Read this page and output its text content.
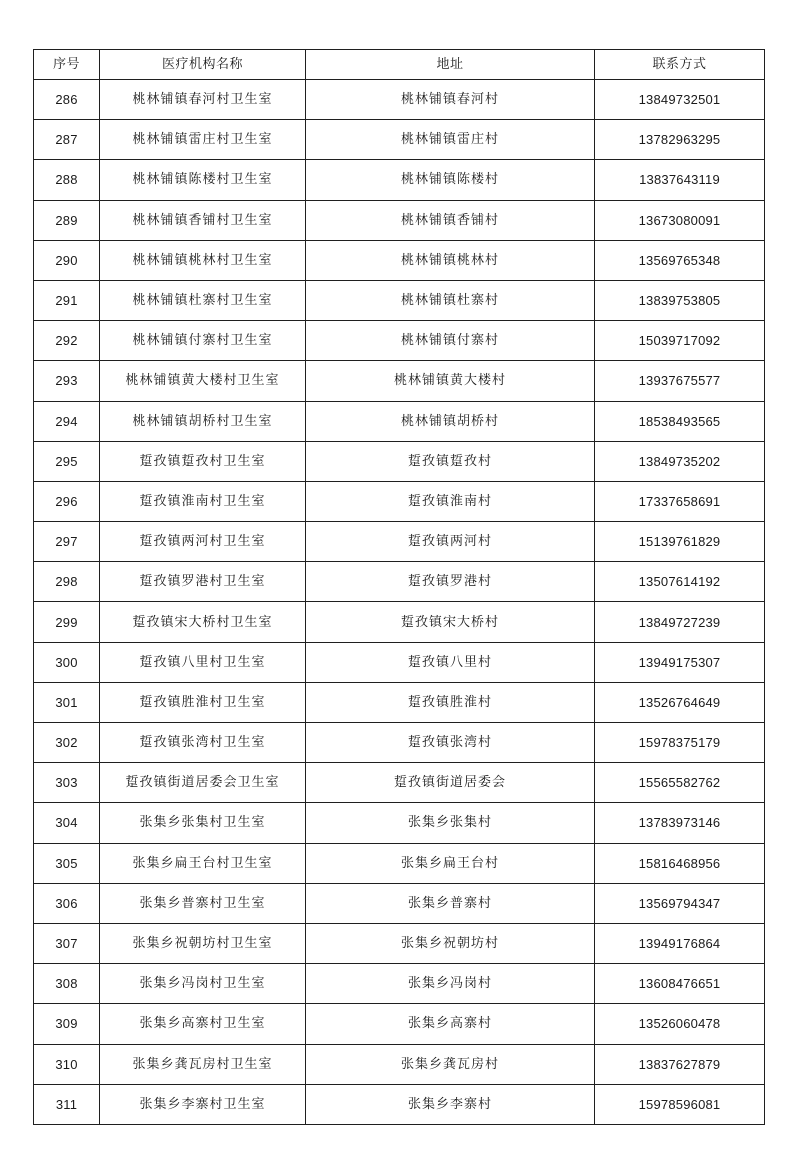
序号	医疗机构名称	地址	联系方式
286	桃林铺镇春河村卫生室	桃林铺镇春河村	13849732501
287	桃林铺镇雷庄村卫生室	桃林铺镇雷庄村	13782963295
288	桃林铺镇陈楼村卫生室	桃林铺镇陈楼村	13837643119
289	桃林铺镇香铺村卫生室	桃林铺镇香铺村	13673080091
290	桃林铺镇桃林村卫生室	桃林铺镇桃林村	13569765348
291	桃林铺镇杜寨村卫生室	桃林铺镇杜寨村	13839753805
292	桃林铺镇付寨村卫生室	桃林铺镇付寨村	15039717092
293	桃林铺镇黄大楼村卫生室	桃林铺镇黄大楼村	13937675577
294	桃林铺镇胡桥村卫生室	桃林铺镇胡桥村	18538493565
295	踅孜镇踅孜村卫生室	踅孜镇踅孜村	13849735202
296	踅孜镇淮南村卫生室	踅孜镇淮南村	17337658691
297	踅孜镇两河村卫生室	踅孜镇两河村	15139761829
298	踅孜镇罗港村卫生室	踅孜镇罗港村	13507614192
299	踅孜镇宋大桥村卫生室	踅孜镇宋大桥村	13849727239
300	踅孜镇八里村卫生室	踅孜镇八里村	13949175307
301	踅孜镇胜淮村卫生室	踅孜镇胜淮村	13526764649
302	踅孜镇张湾村卫生室	踅孜镇张湾村	15978375179
303	踅孜镇街道居委会卫生室	踅孜镇街道居委会	15565582762
304	张集乡张集村卫生室	张集乡张集村	13783973146
305	张集乡扁王台村卫生室	张集乡扁王台村	15816468956
306	张集乡普寨村卫生室	张集乡普寨村	13569794347
307	张集乡祝朝坊村卫生室	张集乡祝朝坊村	13949176864
308	张集乡冯岗村卫生室	张集乡冯岗村	13608476651
309	张集乡高寨村卫生室	张集乡高寨村	13526060478
310	张集乡龚瓦房村卫生室	张集乡龚瓦房村	13837627879
311	张集乡李寨村卫生室	张集乡李寨村	15978596081
